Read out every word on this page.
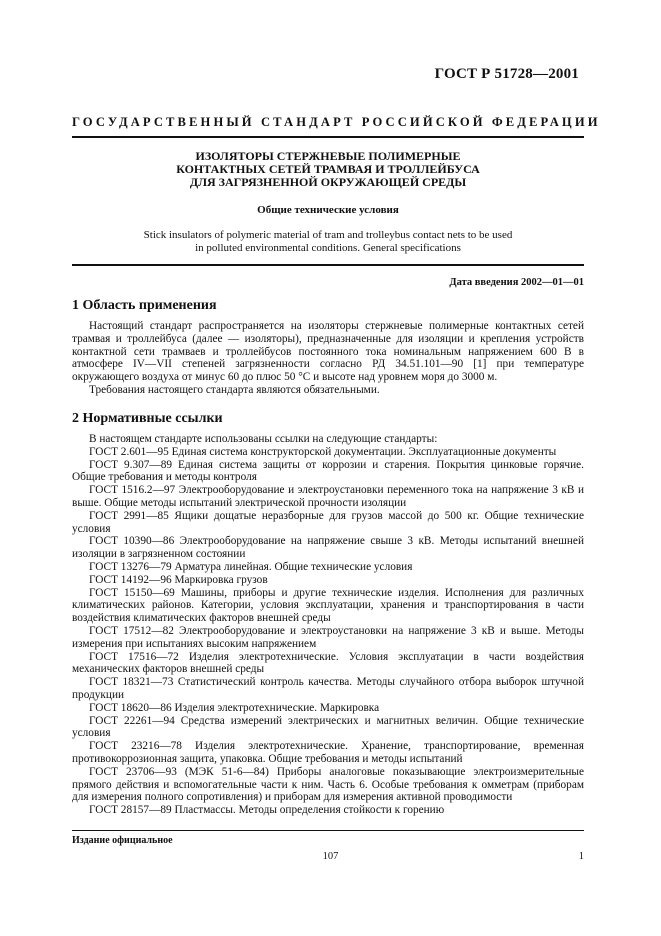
ГОСТ Р 51728—2001
ГОСУДАРСТВЕННЫЙ СТАНДАРТ РОССИЙСКОЙ ФЕДЕРАЦИИ
ИЗОЛЯТОРЫ СТЕРЖНЕВЫЕ ПОЛИМЕРНЫЕ
КОНТАКТНЫХ СЕТЕЙ ТРАМВАЯ И ТРОЛЛЕЙБУСА
ДЛЯ ЗАГРЯЗНЕННОЙ ОКРУЖАЮЩЕЙ СРЕДЫ
Общие технические условия
Stick insulators of polymeric material of tram and trolleybus contact nets to be used
in polluted environmental conditions. General specifications
Дата введения 2002—01—01
1 Область применения

Настоящий стандарт распространяется на изоляторы стержневые полимерные контактных сетей трамвая и троллейбуса (далее — изоляторы), предназначенные для изоляции и крепления устройств контактной сети трамваев и троллейбусов постоянного тока номинальным напряжением 600 В в атмосфере IV—VII степеней загрязненности согласно РД 34.51.101—90 [1] при температуре окружающего воздуха от минус 60 до плюс 50 °С и высоте над уровнем моря до 3000 м.

Требования настоящего стандарта являются обязательными.

2 Нормативные ссылки

В настоящем стандарте использованы ссылки на следующие стандарты:

ГОСТ 2.601—95 Единая система конструкторской документации. Эксплуатационные документы

ГОСТ 9.307—89 Единая система защиты от коррозии и старения. Покрытия цинковые горячие. Общие требования и методы контроля

ГОСТ 1516.2—97 Электрооборудование и электроустановки переменного тока на напряжение 3 кВ и выше. Общие методы испытаний электрической прочности изоляции

ГОСТ 2991—85 Ящики дощатые неразборные для грузов массой до 500 кг. Общие технические условия

ГОСТ 10390—86 Электрооборудование на напряжение свыше 3 кВ. Методы испытаний внешней изоляции в загрязненном состоянии

ГОСТ 13276—79 Арматура линейная. Общие технические условия

ГОСТ 14192—96 Маркировка грузов

ГОСТ 15150—69 Машины, приборы и другие технические изделия. Исполнения для различных климатических районов. Категории, условия эксплуатации, хранения и транспортирования в части воздействия климатических факторов внешней среды

ГОСТ 17512—82 Электрооборудование и электроустановки на напряжение 3 кВ и выше. Методы измерения при испытаниях высоким напряжением

ГОСТ 17516—72 Изделия электротехнические. Условия эксплуатации в части воздействия механических факторов внешней среды

ГОСТ 18321—73 Статистический контроль качества. Методы случайного отбора выборок штучной продукции

ГОСТ 18620—86 Изделия электротехнические. Маркировка

ГОСТ 22261—94 Средства измерений электрических и магнитных величин. Общие технические условия

ГОСТ 23216—78 Изделия электротехнические. Хранение, транспортирование, временная противокоррозионная защита, упаковка. Общие требования и методы испытаний

ГОСТ 23706—93 (МЭК 51-6—84) Приборы аналоговые показывающие электроизмерительные прямого действия и вспомогательные части к ним. Часть 6. Особые требования к омметрам (приборам для измерения полного сопротивления) и приборам для измерения активной проводимости

ГОСТ 28157—89 Пластмассы. Методы определения стойкости к горению

Издание официальное
107	1
